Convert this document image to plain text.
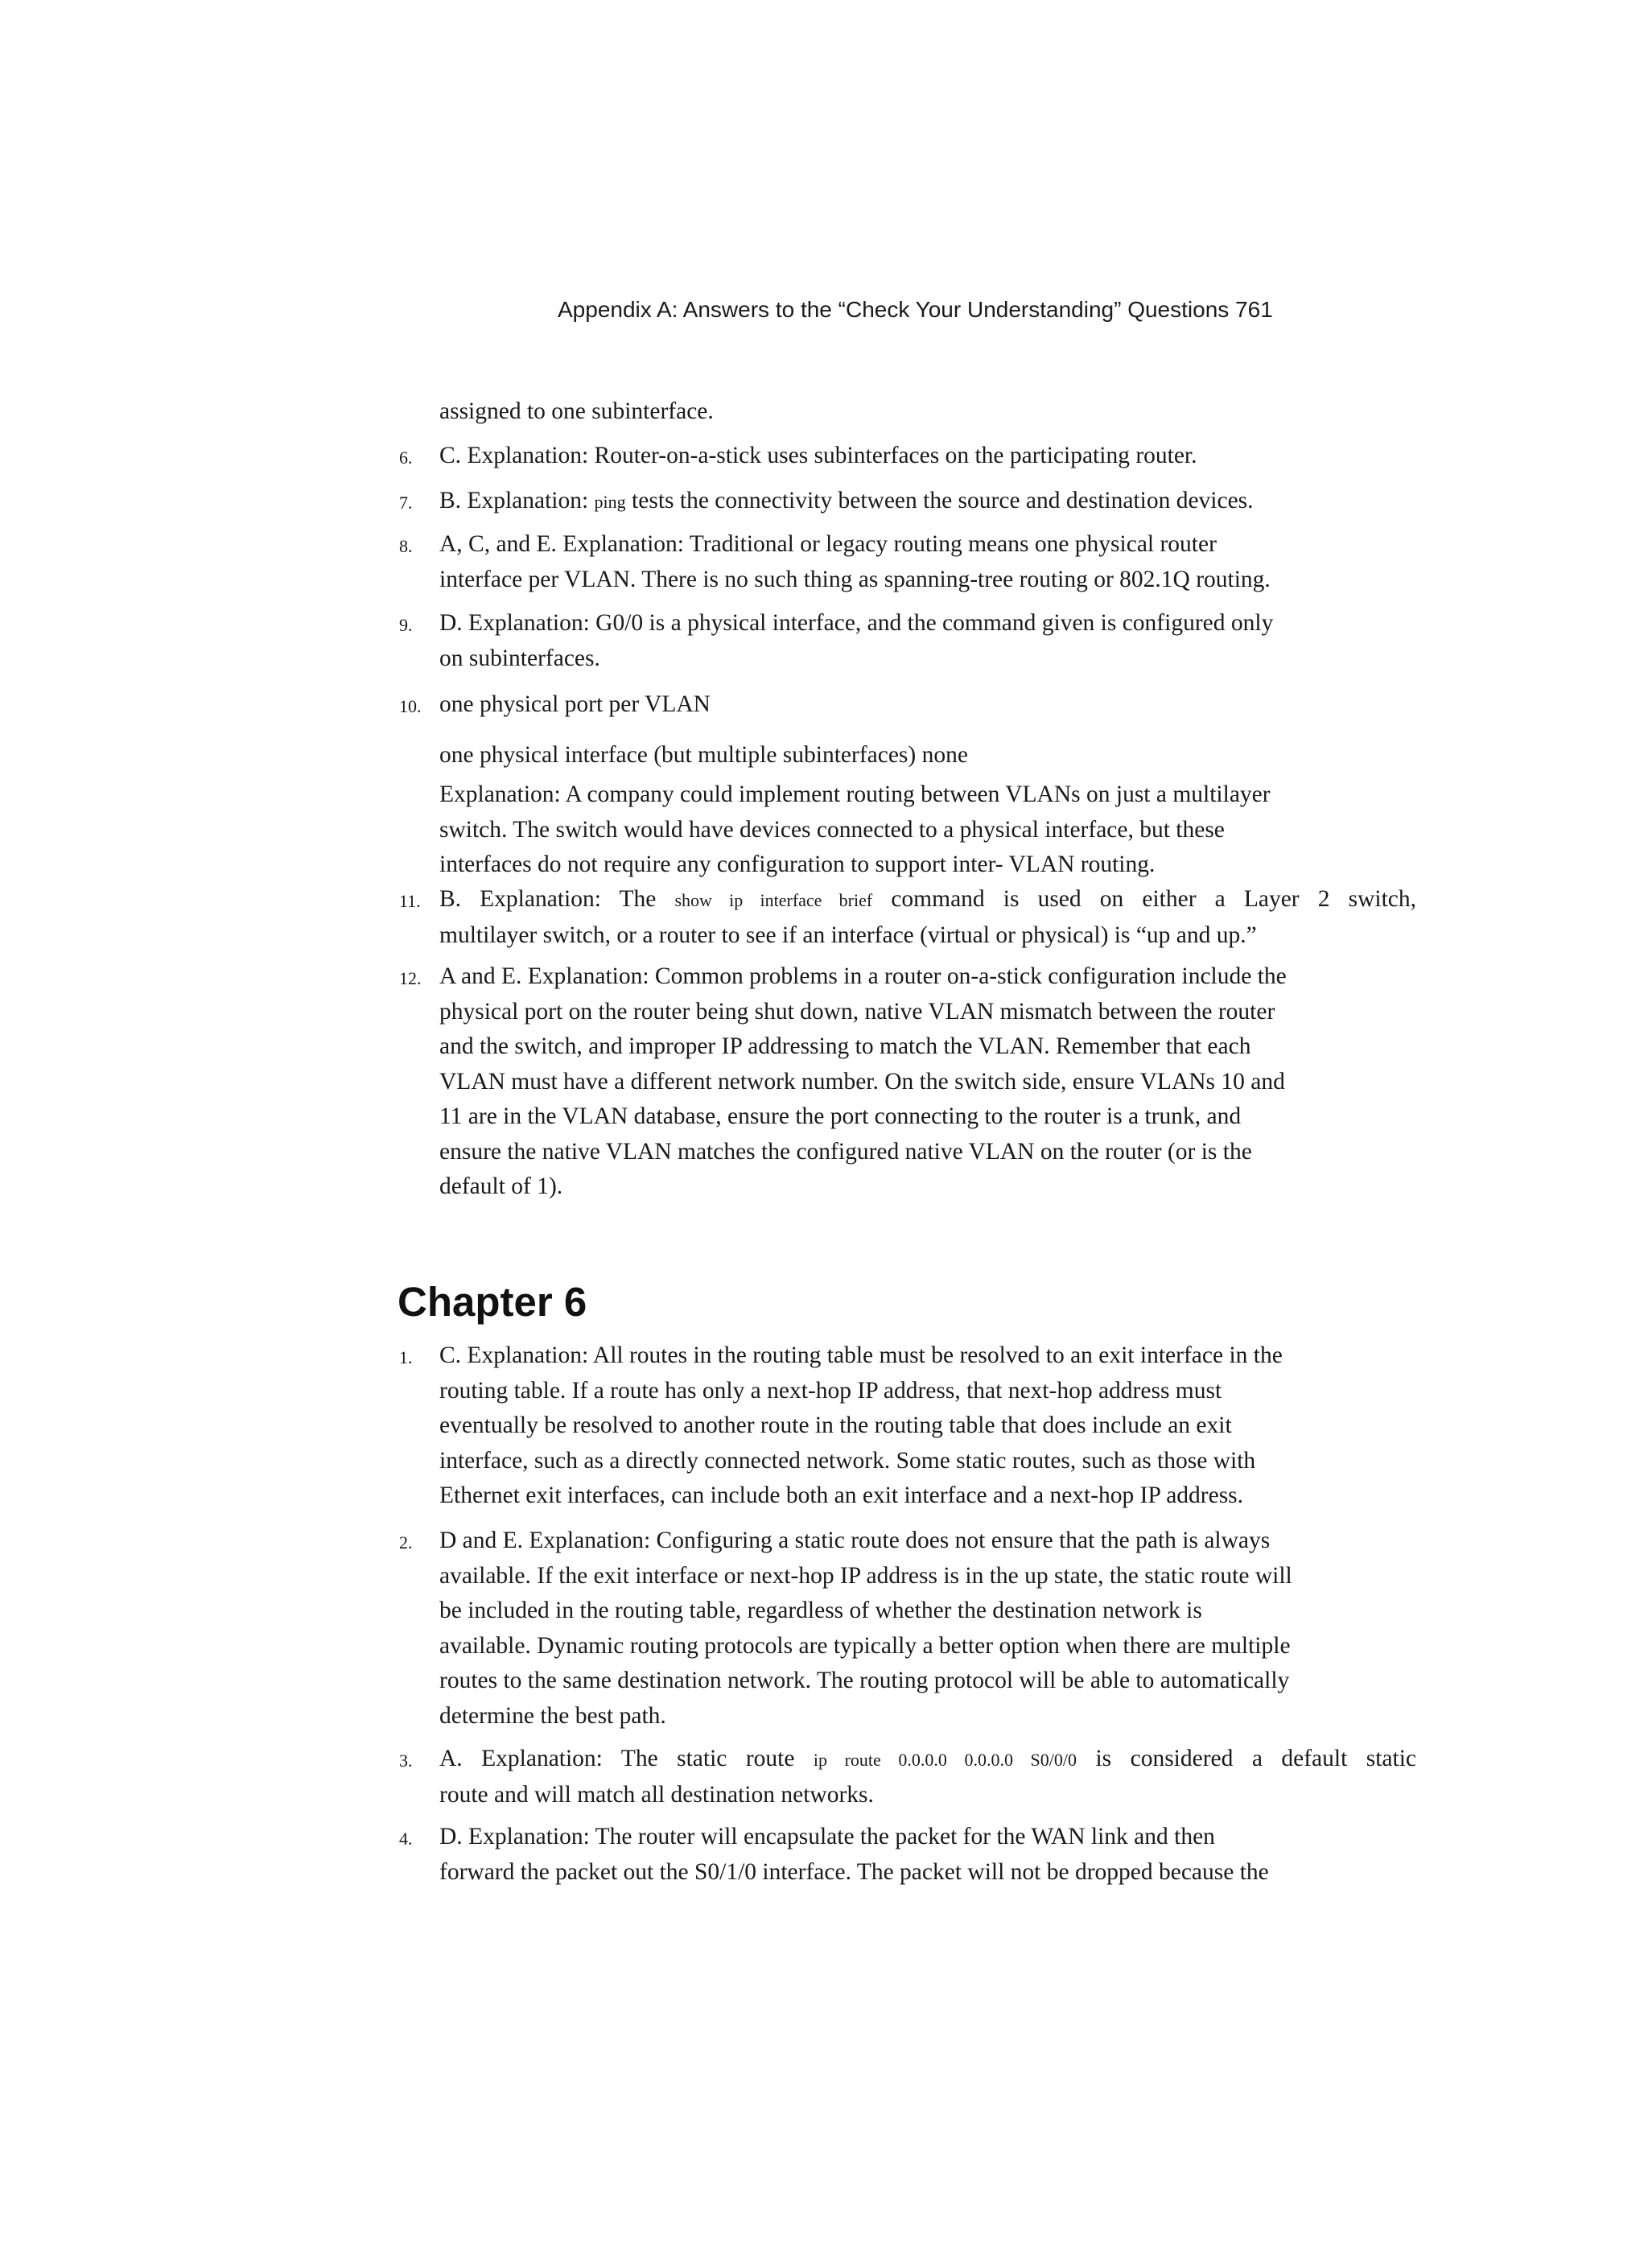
Appendix A: Answers to the “Check Your Understanding” Questions 761

assigned to one subinterface.

6. C. Explanation: Router-on-a-stick uses subinterfaces on the participating router.

7. B. Explanation: ping tests the connectivity between the source and destination devices.

8. A, C, and E. Explanation: Traditional or legacy routing means one physical router
interface per VLAN. There is no such thing as spanning-tree routing or 802.1Q routing.

9. D. Explanation: G0/0 is a physical interface, and the command given is configured only
on subinterfaces.

10. one physical port per VLAN

one physical interface (but multiple subinterfaces) none

Explanation: A company could implement routing between VLANs on just a multilayer
switch. The switch would have devices connected to a physical interface, but these
interfaces do not require any configuration to support inter- VLAN routing.

11. B. Explanation: The show ip interface brief command is used on either a Layer 2 switch,
multilayer switch, or a router to see if an interface (virtual or physical) is “up and up.”

12. A and E. Explanation: Common problems in a router on-a-stick configuration include the
physical port on the router being shut down, native VLAN mismatch between the router
and the switch, and improper IP addressing to match the VLAN. Remember that each
VLAN must have a different network number. On the switch side, ensure VLANs 10 and
11 are in the VLAN database, ensure the port connecting to the router is a trunk, and
ensure the native VLAN matches the configured native VLAN on the router (or is the
default of 1).

Chapter 6

1. C. Explanation: All routes in the routing table must be resolved to an exit interface in the
routing table. If a route has only a next-hop IP address, that next-hop address must
eventually be resolved to another route in the routing table that does include an exit
interface, such as a directly connected network. Some static routes, such as those with
Ethernet exit interfaces, can include both an exit interface and a next-hop IP address.

2. D and E. Explanation: Configuring a static route does not ensure that the path is always
available. If the exit interface or next-hop IP address is in the up state, the static route will
be included in the routing table, regardless of whether the destination network is
available. Dynamic routing protocols are typically a better option when there are multiple
routes to the same destination network. The routing protocol will be able to automatically
determine the best path.

3. A. Explanation: The static route ip route 0.0.0.0 0.0.0.0 S0/0/0 is considered a default static
route and will match all destination networks.

4. D. Explanation: The router will encapsulate the packet for the WAN link and then
forward the packet out the S0/1/0 interface. The packet will not be dropped because the
